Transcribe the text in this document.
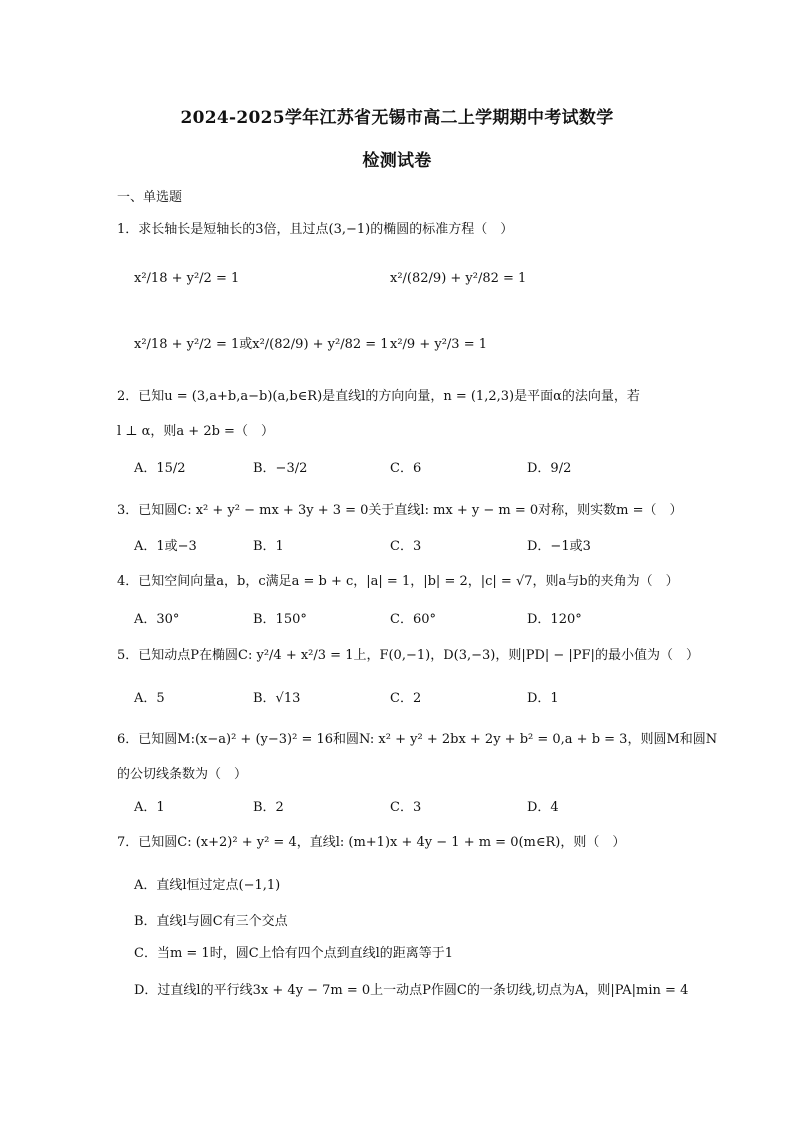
2024-2025学年江苏省无锡市高二上学期期中考试数学
检测试卷
一、单选题
1．求长轴长是短轴长的3倍，且过点(3,−1)的椭圆的标准方程（　）
x²/18 + y²/2 = 1	x²/(82/9) + y²/82 = 1
x²/18 + y²/2 = 1或x²/(82/9) + y²/82 = 1 x²/9 + y²/3 = 1
2．已知u = (3,a+b,a−b)(a,b∈R)是直线l的方向向量，n = (1,2,3)是平面α的法向量，若
l ⊥ α，则a + 2b =（　）
A．15/2	B．−3/2	C．6	D．9/2
3．已知圆C: x² + y² − mx + 3y + 3 = 0关于直线l: mx + y − m = 0对称，则实数m =（　）
A．1或−3	B．1	C．3	D．−1或3
4．已知空间向量a，b，c满足a = b + c，|a| = 1，|b| = 2，|c| = √7，则a与b的夹角为（　）
A．30°	B．150°	C．60°	D．120°
5．已知动点P在椭圆C: y²/4 + x²/3 = 1上，F(0,−1)，D(3,−3)，则|PD| − |PF|的最小值为（　）
A．5	B．√13	C．2	D．1
6．已知圆M:(x−a)² + (y−3)² = 16和圆N: x² + y² + 2bx + 2y + b² = 0,a + b = 3，则圆M和圆N
的公切线条数为（　）
A．1	B．2	C．3	D．4
7．已知圆C: (x+2)² + y² = 4，直线l: (m+1)x + 4y − 1 + m = 0(m∈R)，则（　）
A．直线l恒过定点(−1,1)
B．直线l与圆C有三个交点
C．当m = 1时，圆C上恰有四个点到直线l的距离等于1
D．过直线l的平行线3x + 4y − 7m = 0上一动点P作圆C的一条切线,切点为A，则|PA|min = 4
